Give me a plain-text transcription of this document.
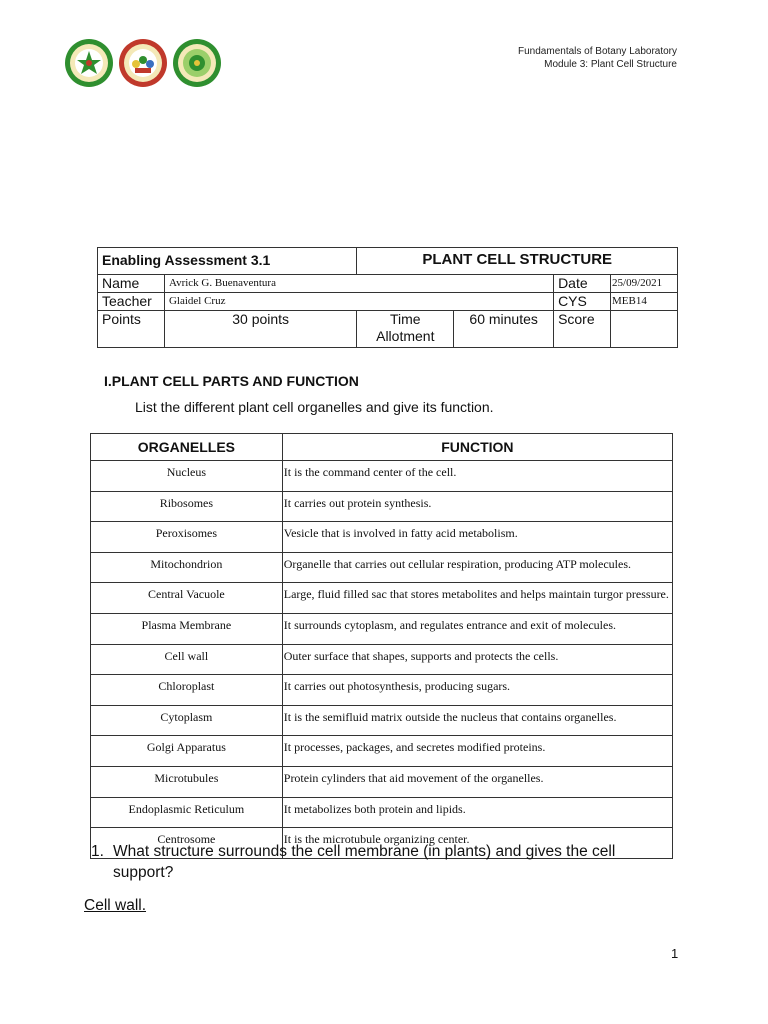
Fundamentals of Botany Laboratory
Module 3: Plant Cell Structure
Enabling Assessment 3.1		PLANT CELL STRUCTURE			
Name	Avrick G. Buenaventura			Date	25/09/2021
Teacher	Glaidel Cruz			CYS	MEB14
Points	30 points	Time Allotment	60 minutes	Score	
I.PLANT CELL PARTS AND FUNCTION
List the different plant cell organelles and give its function.
ORGANELLES	FUNCTION
Nucleus	It is the command center of the cell.
Ribosomes	It carries out protein synthesis.
Peroxisomes	Vesicle that is involved in fatty acid metabolism.
Mitochondrion	Organelle that carries out cellular respiration, producing ATP molecules.
Central Vacuole	Large, fluid filled sac that stores metabolites and helps maintain turgor pressure.
Plasma Membrane	It surrounds cytoplasm, and regulates entrance and exit of molecules.
Cell wall	Outer surface that shapes, supports and protects the cells.
Chloroplast	It carries out photosynthesis, producing sugars.
Cytoplasm	It is the semifluid matrix outside the nucleus that contains organelles.
Golgi Apparatus	It processes, packages, and secretes modified proteins.
Microtubules	Protein cylinders that aid movement of the organelles.
Endoplasmic Reticulum	It metabolizes both protein and lipids.
Centrosome	It is the microtubule organizing center.
1. What structure surrounds the cell membrane (in plants) and gives the cell support?
Cell wall.
1
